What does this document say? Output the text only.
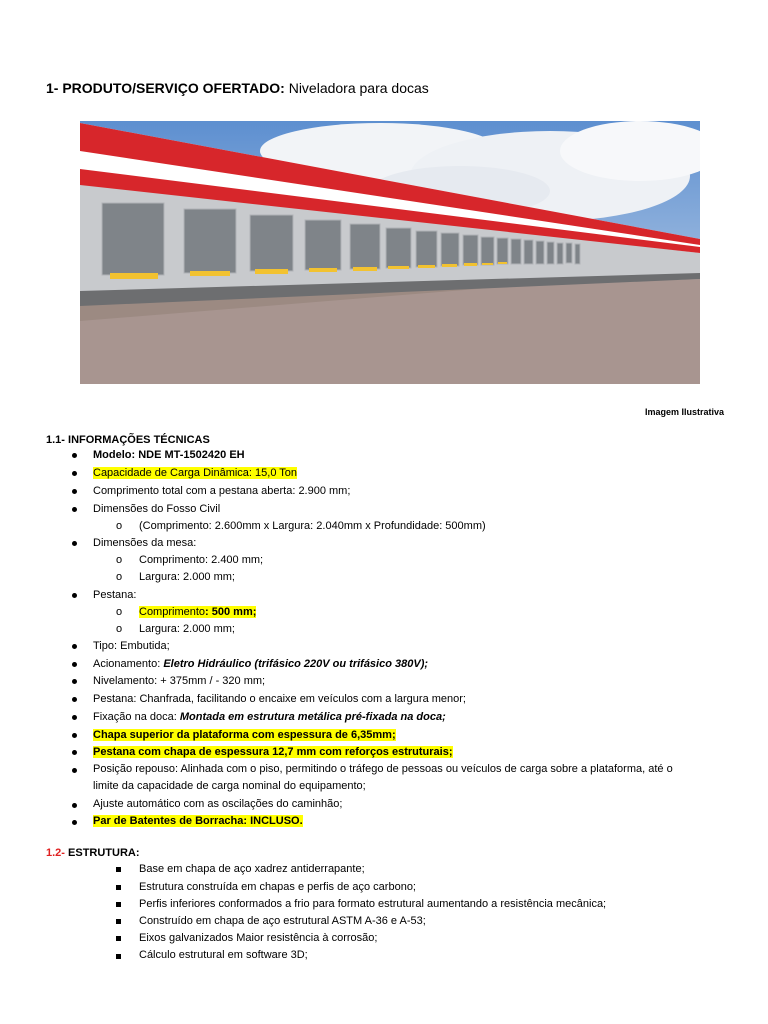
1- PRODUTO/SERVIÇO OFERTADO: Niveladora para docas
Imagem Ilustrativa
1.1- INFORMAÇÕES TÉCNICAS
Modelo: NDE MT-1502420 EH
Capacidade de Carga Dinâmica: 15,0 Ton
Comprimento total com a pestana aberta: 2.900 mm;
Dimensões do Fosso Civil
o (Comprimento: 2.600mm x Largura: 2.040mm x Profundidade: 500mm)
Dimensões da mesa:
o Comprimento: 2.400 mm;
o Largura: 2.000 mm;
Pestana:
o Comprimento: 500 mm;
o Largura: 2.000 mm;
Tipo: Embutida;
Acionamento: Eletro Hidráulico (trifásico 220V ou trifásico 380V);
Nivelamento: + 375mm / - 320 mm;
Pestana: Chanfrada, facilitando o encaixe em veículos com a largura menor;
Fixação na doca: Montada em estrutura metálica pré-fixada na doca;
Chapa superior da plataforma com espessura de 6,35mm;
Pestana com chapa de espessura 12,7 mm com reforços estruturais;
Posição repouso: Alinhada com o piso, permitindo o tráfego de pessoas ou veículos de carga sobre a plataforma, até o
limite da capacidade de carga nominal do equipamento;
Ajuste automático com as oscilações do caminhão;
Par de Batentes de Borracha: INCLUSO.
1.2- ESTRUTURA:
Base em chapa de aço xadrez antiderrapante;
Estrutura construída em chapas e perfis de aço carbono;
Perfis inferiores conformados a frio para formato estrutural aumentando a resistência mecânica;
Construído em chapa de aço estrutural ASTM A-36 e A-53;
Eixos galvanizados Maior resistência à corrosão;
Cálculo estrutural em software 3D;
